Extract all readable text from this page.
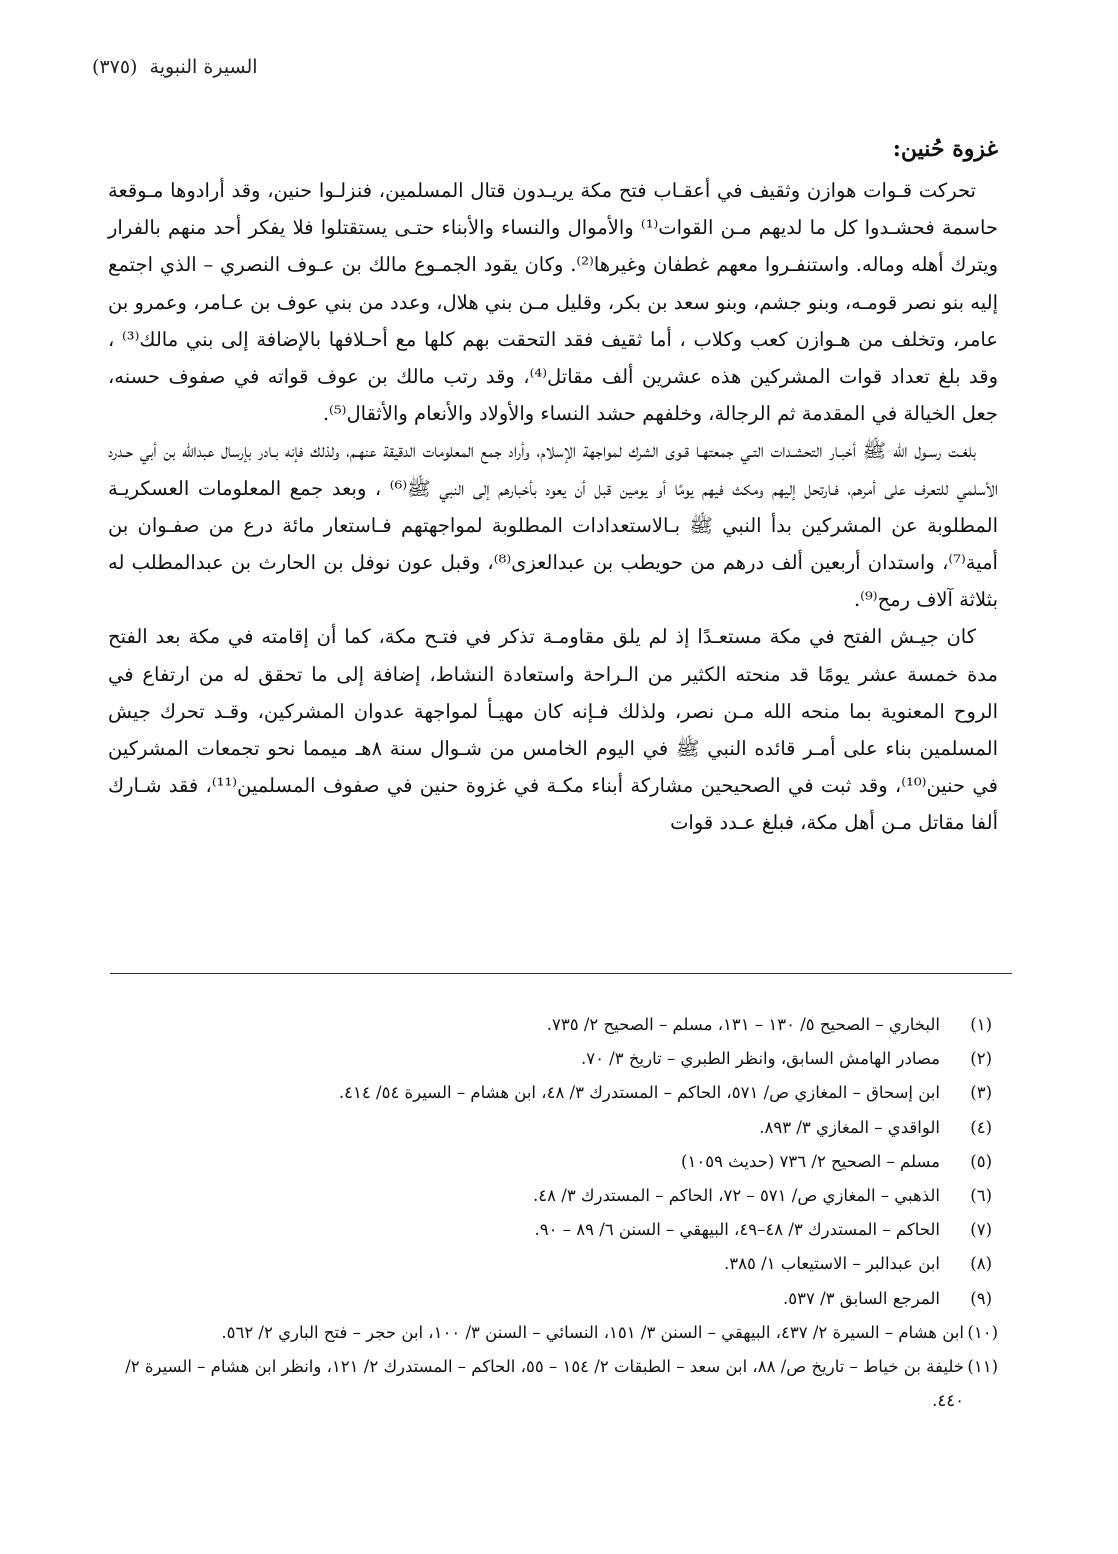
السيرة النبوية (٣٧٥)
غزوة حُنين:

تحركت قـوات هوازن وثقيف في أعقـاب فتح مكة يريـدون قتال المسلمين، فنزلـوا حنين، وقد أرادوها مـوقعة حاسمة فحشـدوا كل ما لديهم مـن القوات⁽¹⁾ والأموال والنساء والأبناء حتـى يستقتلوا فلا يفكر أحد منهم بالفرار ويترك أهله وماله. واستنفـروا معهم غطفان وغيرها⁽²⁾. وكان يقود الجمـوع مالك بن عـوف النصري – الذي اجتمع إليه بنو نصر قومـه، وبنو جشم، وبنو سعد بن بكر، وقليل مـن بني هلال، وعدد من بني عوف بن عـامر، وعمرو بن عامر، وتخلف من هـوازن كعب وكلاب ، أما ثقيف فقد التحقت بهم كلها مع أحـلافها بالإضافة إلى بني مالك⁽³⁾ ، وقد بلغ تعداد قوات المشركين هذه عشرين ألف مقاتل⁽⁴⁾، وقد رتب مالك بن عوف قواته في صفوف حسنه، جعل الخيالة في المقدمة ثم الرجالة، وخلفهم حشد النساء والأولاد والأنعام والأثقال⁽⁵⁾.

بلغـت رسـول الله ﷺ أخبـار التحشـدات التـي جمعتهـا قـوى الشرك لمواجهة الإسلام، وأراد جمع المعلومات الدقيقة عنهـم، ولذلك فإنه بـادر بإرسال عبدالله بن أبي حـدرد الأسلمي للتعرف على أمرهم، فـارتحل إليهم ومكث فيهم يومًا أو يومين قبل أن يعود بأخبارهم إلى النبي ﷺ⁽⁶⁾ ، وبعد جمع المعلومات العسكريـة المطلوبة عن المشركين بدأ النبي ﷺ بـالاستعدادات المطلوبة لمواجهتهم فـاستعار مائة درع من صفـوان بن أمية⁽⁷⁾، واستدان أربعين ألف درهم من حويطب بن عبدالعزى⁽⁸⁾، وقبل عون نوفل بن الحارث بن عبدالمطلب له بثلاثة آلاف رمح⁽⁹⁾.

كان جيـش الفتح في مكة مستعـدًا إذ لم يلق مقاومـة تذكر في فتـح مكة، كما أن إقامته في مكة بعد الفتح مدة خمسة عشر يومًا قد منحته الكثير من الـراحة واستعادة النشاط، إضافة إلى ما تحقق له من ارتفاع في الروح المعنوية بما منحه الله مـن نصر، ولذلك فـإنه كان مهيـأ لمواجهة عدوان المشركين، وقـد تحرك جيش المسلمين بناء على أمـر قائده النبي ﷺ في اليوم الخامس من شـوال سنة ٨هـ ميمما نحو تجمعات المشركين في حنين⁽¹⁰⁾، وقد ثبت في الصحيحين مشاركة أبناء مكـة في غزوة حنين في صفوف المسلمين⁽¹¹⁾، فقد شـارك ألفا مقاتل مـن أهل مكة، فبلغ عـدد قوات

(١)
البخاري – الصحيح ٥/ ١٣٠ – ١٣١، مسلم – الصحيح ٢/ ٧٣٥.
(٢)
مصادر الهامش السابق، وانظر الطبري – تاريخ ٣/ ٧٠.
(٣)
ابن إسحاق – المغازي ص/ ٥٧١، الحاكم – المستدرك ٣/ ٤٨، ابن هشام – السيرة ٥٤/ ٤١٤.
(٤)
الواقدي – المغازي ٣/ ٨٩٣.
(٥)
مسلم – الصحيح ٢/ ٧٣٦ (حديث ١٠٥٩)
(٦)
الذهبي – المغازي ص/ ٥٧١ – ٧٢، الحاكم – المستدرك ٣/ ٤٨.
(٧)
الحاكم – المستدرك ٣/ ٤٨–٤٩، البيهقي – السنن ٦/ ٨٩ – ٩٠.
(٨)
ابن عبدالبر – الاستيعاب ١/ ٣٨٥.
(٩)
المرجع السابق ٣/ ٥٣٧.
(١٠)
ابن هشام – السيرة ٢/ ٤٣٧، البيهقي – السنن ٣/ ١٥١، النسائي – السنن ٣/ ١٠٠، ابن حجر – فتح الباري ٢/ ٥٦٢.
(١١)
خليفة بن خياط – تاريخ ص/ ٨٨، ابن سعد – الطبقات ٢/ ١٥٤ – ٥٥، الحاكم – المستدرك ٢/ ١٢١، وانظر ابن هشام – السيرة ٢/ ٤٤٠.
